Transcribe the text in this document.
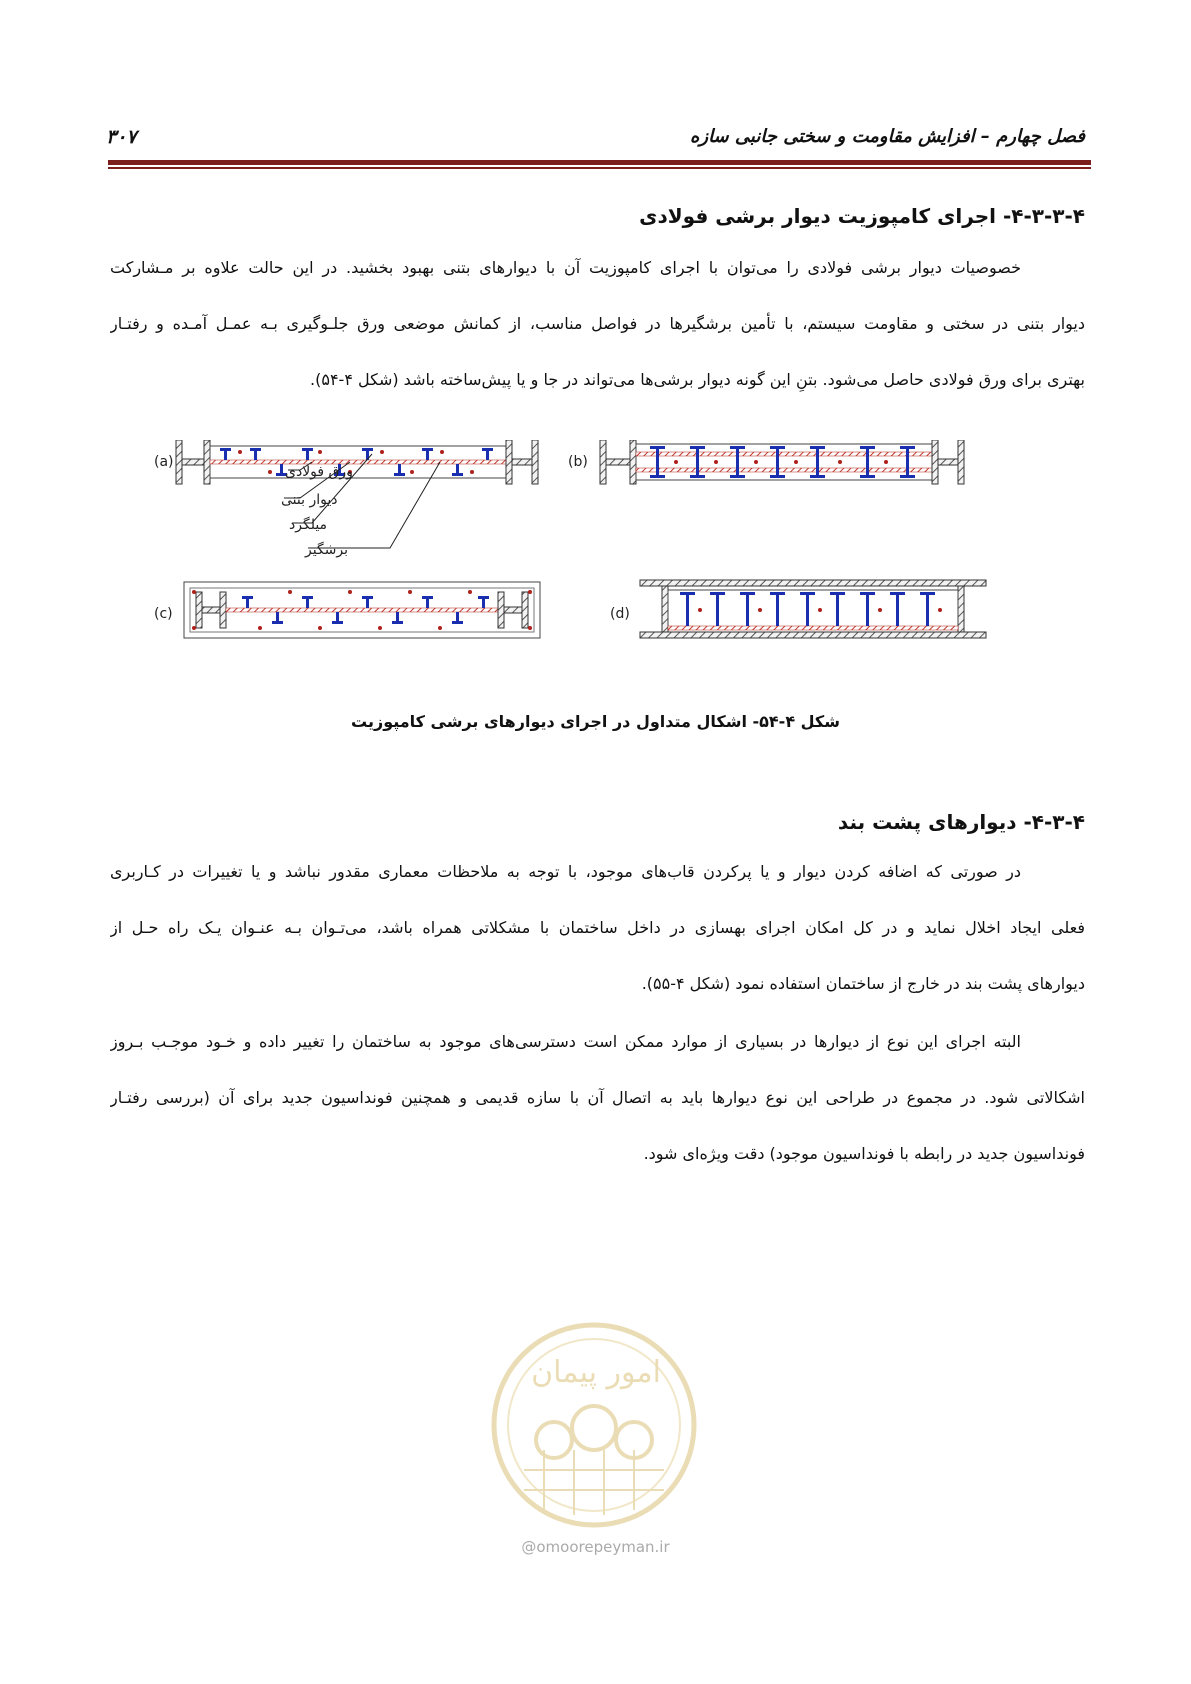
۳۰۷	فصل چهارم – افزایش مقاومت و سختی جانبی سازه
۴-۳-۳-۴- اجرای کامپوزیت دیوار برشی فولادی
خصوصیات دیوار برشی فولادی را می‌توان با اجرای کامپوزیت آن با دیوارهای بتنی بهبود بخشید. در این حالت علاوه بر مـشارکت
دیوار بتنی در سختی و مقاومت سیستم، با تأمین برشگیرها در فواصل مناسب، از کمانش موضعی ورق جلـوگیری بـه عمـل آمـده و رفتـار
بهتری برای ورق فولادی حاصل می‌شود. بتنِ این گونه دیوار برشی‌ها می‌تواند در جا و یا پیش‌ساخته باشد (شکل ۴-۵۴).
(a)
ورق فولادی
دیوار بتنی
میلگرد
برشگیر
(b)
(c)	(d)
شکل ۴-۵۴- اشکال متداول در اجرای دیوارهای برشی کامپوزیت
۴-۳-۴- دیوارهای پشت بند
در صورتی که اضافه کردن دیوار و یا پرکردن قاب‌های موجود، با توجه به ملاحظات معماری مقدور نباشد و یا تغییرات در کـاربری
فعلی ایجاد اخلال نماید و در کل امکان اجرای بهسازی در داخل ساختمان با مشکلاتی همراه باشد، می‌تـوان بـه عنـوان یـک راه حـل از
دیوارهای پشت بند در خارج از ساختمان استفاده نمود (شکل ۴-۵۵).
البته اجرای این نوع از دیوارها در بسیاری از موارد ممکن است دسترسی‌های موجود به ساختمان را تغییر داده و خـود موجـب بـروز
اشکالاتی شود. در مجموع در طراحی این نوع دیوارها باید به اتصال آن با سازه قدیمی و همچنین فونداسیون جدید برای آن (بررسی رفتـار
فونداسیون جدید در رابطه با فونداسیون موجود) دقت ویژه‌ای شود.
امور پیمان
@omoorepeyman.ir
